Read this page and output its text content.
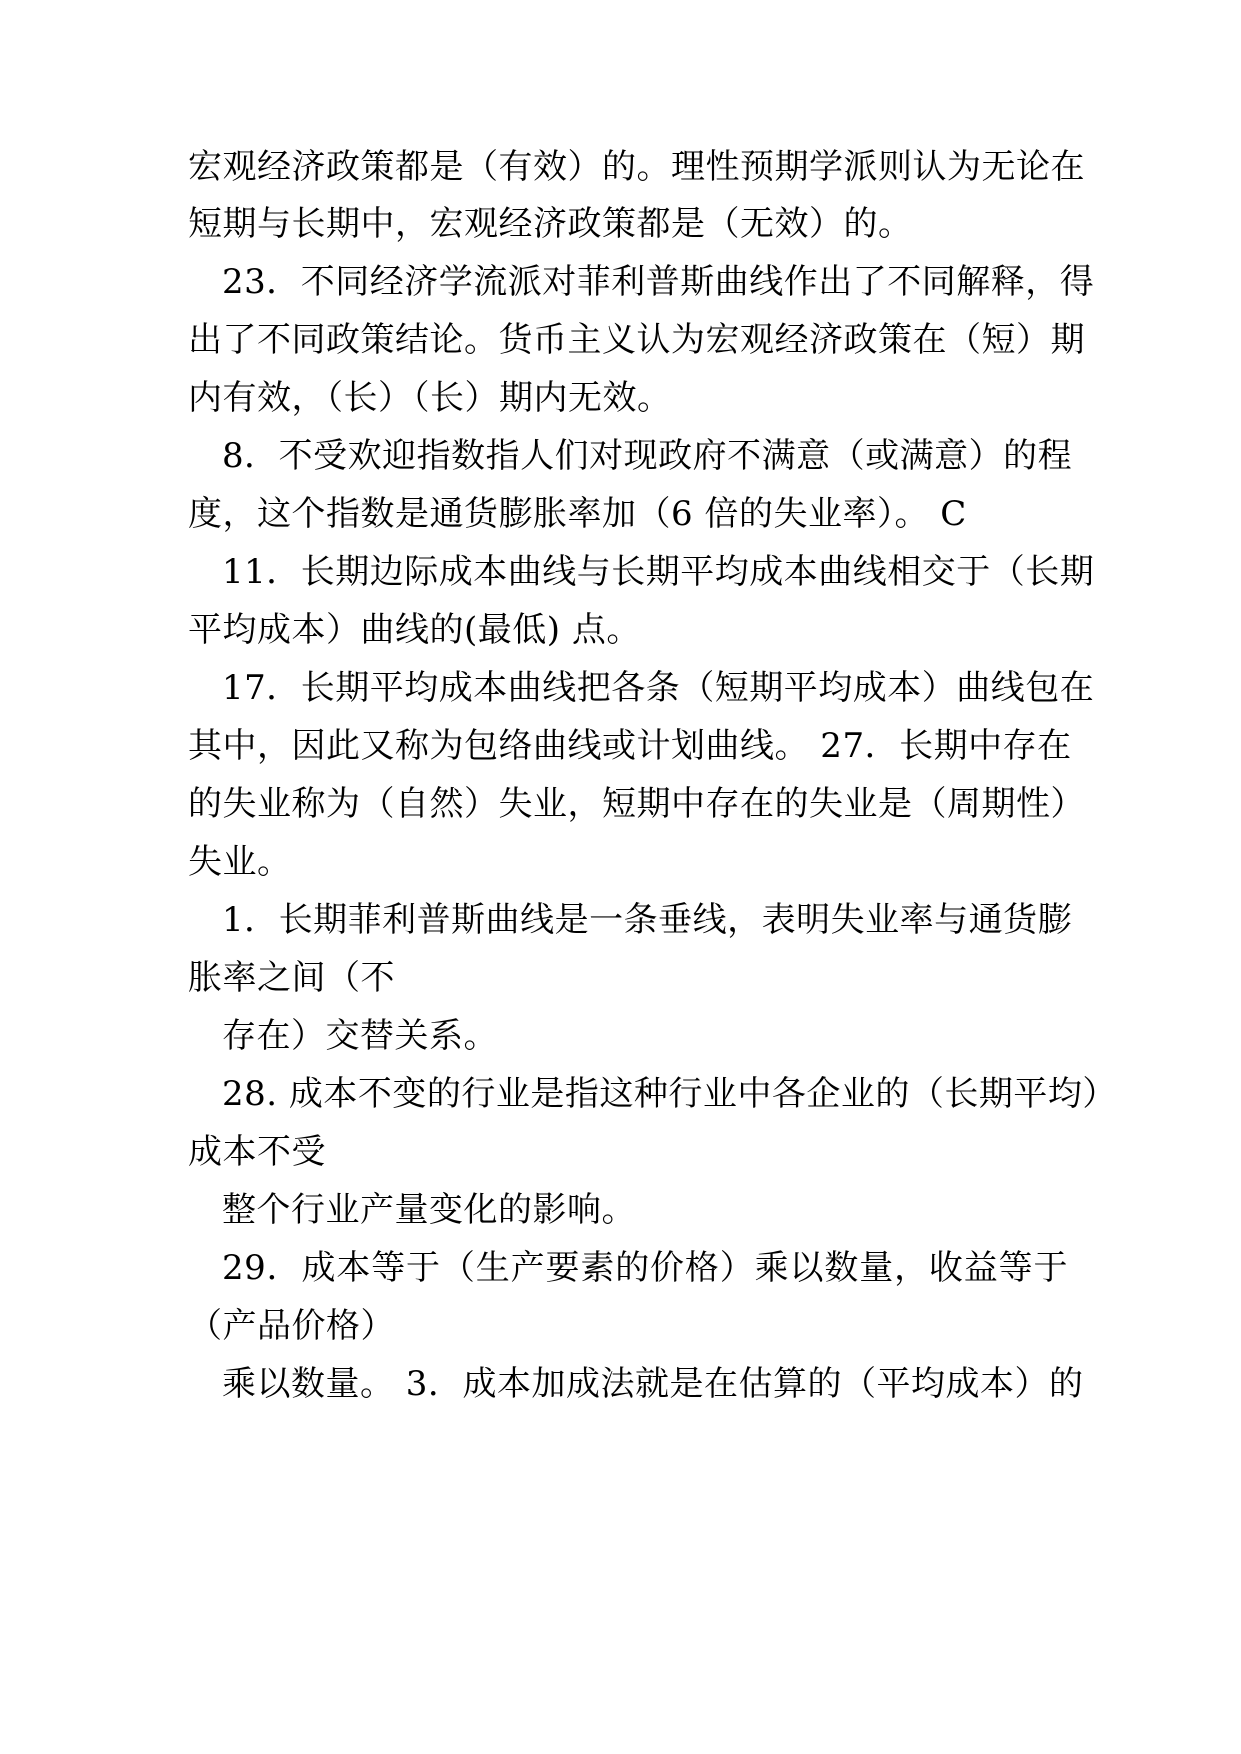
宏观经济政策都是（有效）的。理性预期学派则认为无论在
短期与长期中，宏观经济政策都是（无效）的。
23．不同经济学流派对菲利普斯曲线作出了不同解释，得
出了不同政策结论。货币主义认为宏观经济政策在（短）期
内有效，（长）（长）期内无效。
8．不受欢迎指数指人们对现政府不满意（或满意）的程
度，这个指数是通货膨胀率加（6 倍的失业率）。 C
11．长期边际成本曲线与长期平均成本曲线相交于（长期
平均成本）曲线的(最低) 点。
17．长期平均成本曲线把各条（短期平均成本）曲线包在
其中，因此又称为包络曲线或计划曲线。 27．长期中存在
的失业称为（自然）失业，短期中存在的失业是（周期性）
失业。
1．长期菲利普斯曲线是一条垂线，表明失业率与通货膨
胀率之间（不
存在）交替关系。
28. 成本不变的行业是指这种行业中各企业的（长期平均）
成本不受
整个行业产量变化的影响。
29．成本等于（生产要素的价格）乘以数量，收益等于
（产品价格）
乘以数量。 3．成本加成法就是在估算的（平均成本）的
